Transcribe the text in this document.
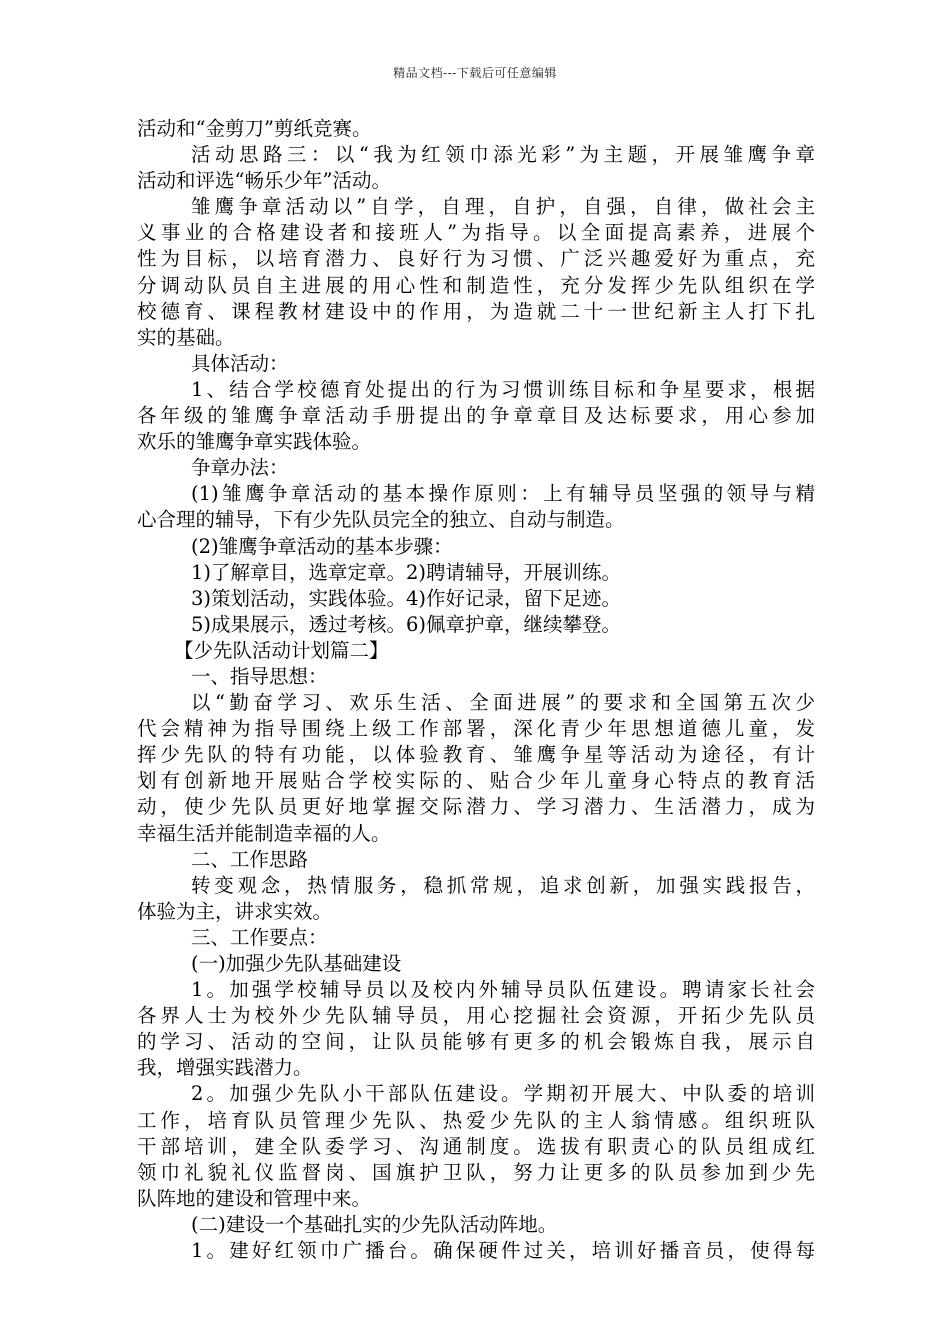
精品文档---下载后可任意编辑
活动和“金剪刀”剪纸竞赛。
活动思路三：以“我为红领巾添光彩”为主题，开展雏鹰争章
活动和评选“畅乐少年”活动。
雏鹰争章活动以”自学，自理，自护，自强，自律，做社会主
义事业的合格建设者和接班人”为指导。以全面提高素养，进展个
性为目标，以培育潜力、良好行为习惯、广泛兴趣爱好为重点，充
分调动队员自主进展的用心性和制造性，充分发挥少先队组织在学
校德育、课程教材建设中的作用，为造就二十一世纪新主人打下扎
实的基础。
具体活动：
1、结合学校德育处提出的行为习惯训练目标和争星要求，根据
各年级的雏鹰争章活动手册提出的争章章目及达标要求，用心参加
欢乐的雏鹰争章实践体验。
争章办法：
(1)雏鹰争章活动的基本操作原则：上有辅导员坚强的领导与精
心合理的辅导，下有少先队员完全的独立、自动与制造。
(2)雏鹰争章活动的基本步骤：
1)了解章目，选章定章。2)聘请辅导，开展训练。
3)策划活动，实践体验。4)作好记录，留下足迹。
5)成果展示，透过考核。6)佩章护章，继续攀登。
【少先队活动计划篇二】
一、指导思想：
以“勤奋学习、欢乐生活、全面进展”的要求和全国第五次少
代会精神为指导围绕上级工作部署，深化青少年思想道德儿童，发
挥少先队的特有功能，以体验教育、雏鹰争星等活动为途径，有计
划有创新地开展贴合学校实际的、贴合少年儿童身心特点的教育活
动，使少先队员更好地掌握交际潜力、学习潜力、生活潜力，成为
幸福生活并能制造幸福的人。
二、工作思路
转变观念，热情服务，稳抓常规，追求创新，加强实践报告，
体验为主，讲求实效。
三、工作要点：
(一)加强少先队基础建设
1。加强学校辅导员以及校内外辅导员队伍建设。聘请家长社会
各界人士为校外少先队辅导员，用心挖掘社会资源，开拓少先队员
的学习、活动的空间，让队员能够有更多的机会锻炼自我，展示自
我，增强实践潜力。
2。加强少先队小干部队伍建设。学期初开展大、中队委的培训
工作，培育队员管理少先队、热爱少先队的主人翁情感。组织班队
干部培训，建全队委学习、沟通制度。选拔有职责心的队员组成红
领巾礼貌礼仪监督岗、国旗护卫队，努力让更多的队员参加到少先
队阵地的建设和管理中来。
(二)建设一个基础扎实的少先队活动阵地。
1。建好红领巾广播台。确保硬件过关，培训好播音员，使得每
